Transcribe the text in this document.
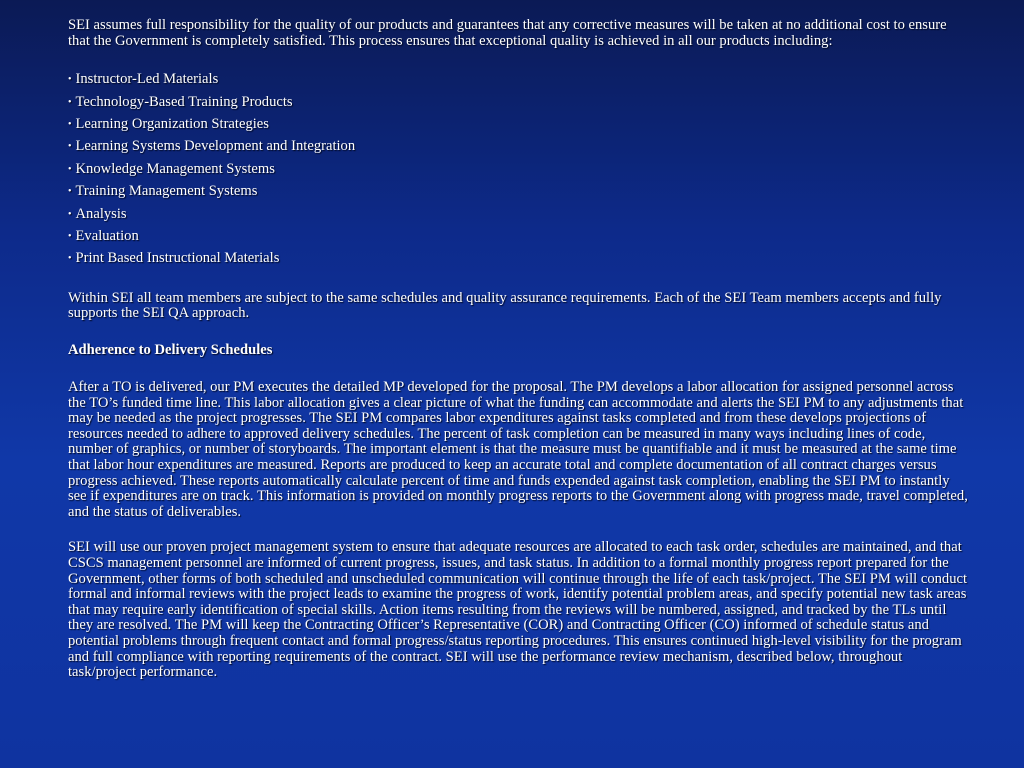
SEI assumes full responsibility for the quality of our products and guarantees that any corrective measures will be taken at no additional cost to ensure that the Government is completely satisfied. This process ensures that exceptional quality is achieved in all our products including:

• Instructor-Led Materials
• Technology-Based Training Products
• Learning Organization Strategies
• Learning Systems Development and Integration
• Knowledge Management Systems
• Training Management Systems
• Analysis
• Evaluation
• Print Based Instructional Materials

Within SEI all team members are subject to the same schedules and quality assurance requirements. Each of the SEI Team members accepts and fully supports the SEI QA approach.

Adherence to Delivery Schedules

After a TO is delivered, our PM executes the detailed MP developed for the proposal. The PM develops a labor allocation for assigned personnel across the TO’s funded time line. This labor allocation gives a clear picture of what the funding can accommodate and alerts the SEI PM to any adjustments that may be needed as the project progresses. The SEI PM compares labor expenditures against tasks completed and from these develops projections of resources needed to adhere to approved delivery schedules. The percent of task completion can be measured in many ways including lines of code, number of graphics, or number of storyboards. The important element is that the measure must be quantifiable and it must be measured at the same time that labor hour expenditures are measured. Reports are produced to keep an accurate total and complete documentation of all contract charges versus progress achieved. These reports automatically calculate percent of time and funds expended against task completion, enabling the SEI PM to instantly see if expenditures are on track. This information is provided on monthly progress reports to the Government along with progress made, travel completed, and the status of deliverables.

SEI will use our proven project management system to ensure that adequate resources are allocated to each task order, schedules are maintained, and that CSCS management personnel are informed of current progress, issues, and task status. In addition to a formal monthly progress report prepared for the Government, other forms of both scheduled and unscheduled communication will continue through the life of each task/project. The SEI PM will conduct formal and informal reviews with the project leads to examine the progress of work, identify potential problem areas, and specify potential new task areas that may require early identification of special skills. Action items resulting from the reviews will be numbered, assigned, and tracked by the TLs until they are resolved. The PM will keep the Contracting Officer’s Representative (COR) and Contracting Officer (CO) informed of schedule status and potential problems through frequent contact and formal progress/status reporting procedures. This ensures continued high-level visibility for the program and full compliance with reporting requirements of the contract. SEI will use the performance review mechanism, described below, throughout task/project performance.
